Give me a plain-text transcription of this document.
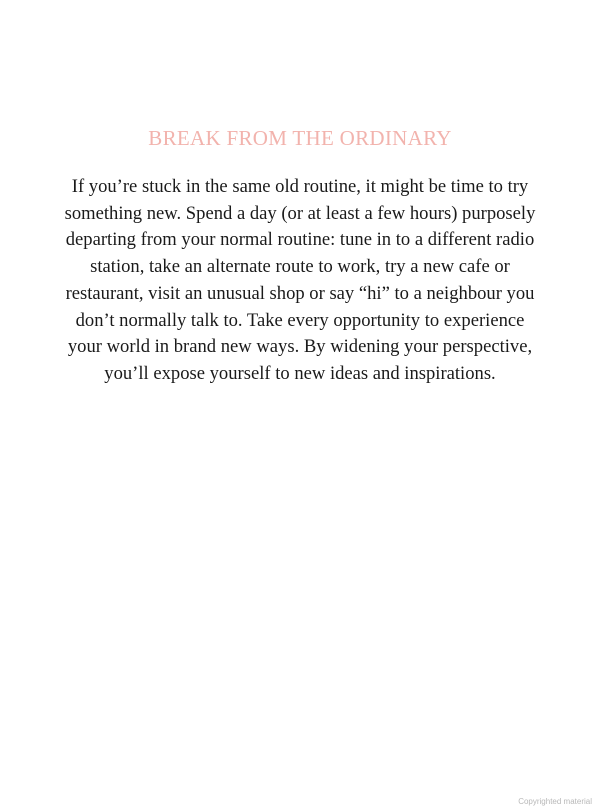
BREAK FROM THE ORDINARY

If you’re stuck in the same old routine, it might be time to try something new. Spend a day (or at least a few hours) purposely departing from your normal routine: tune in to a different radio station, take an alternate route to work, try a new cafe or restaurant, visit an unusual shop or say “hi” to a neighbour you don’t normally talk to. Take every opportunity to experience your world in brand new ways. By widening your perspective, you’ll expose yourself to new ideas and inspirations.

Copyrighted material
